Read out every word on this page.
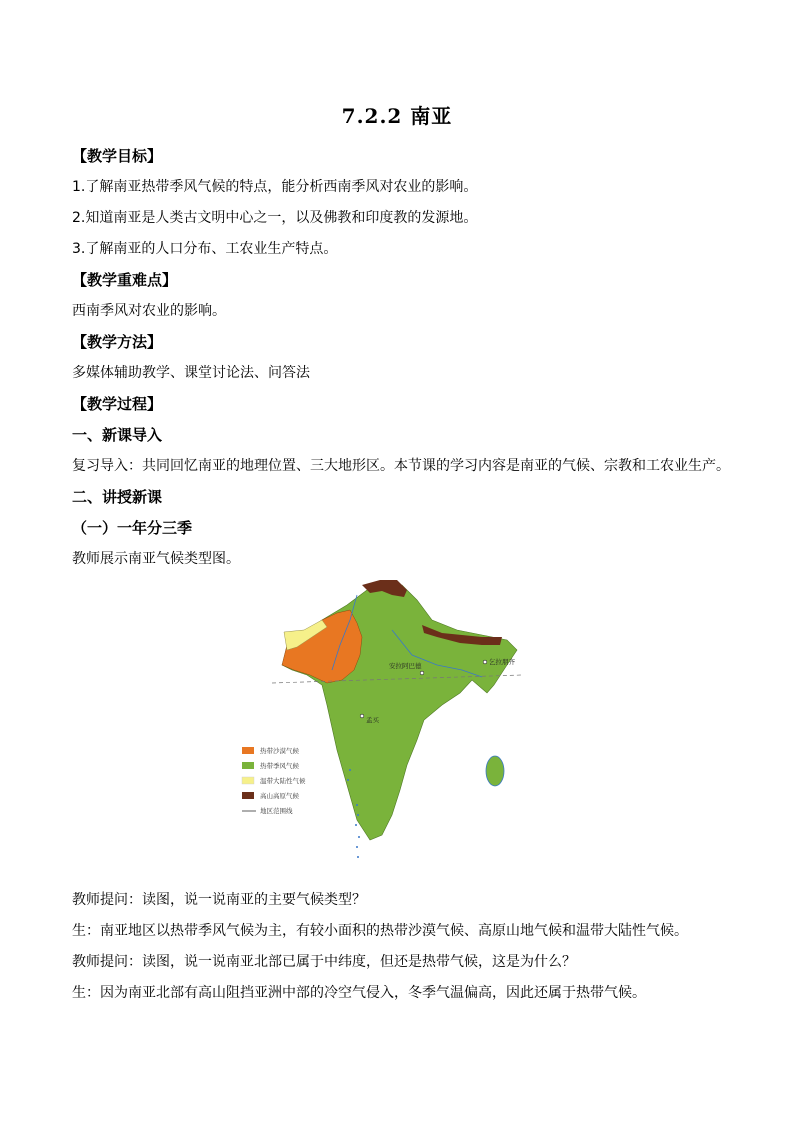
7.2.2 南亚
【教学目标】
1.了解南亚热带季风气候的特点，能分析西南季风对农业的影响。
2.知道南亚是人类古文明中心之一，以及佛教和印度教的发源地。
3.了解南亚的人口分布、工农业生产特点。
【教学重难点】
西南季风对农业的影响。
【教学方法】
多媒体辅助教学、课堂讨论法、问答法
【教学过程】
一、新课导入
复习导入：共同回忆南亚的地理位置、三大地形区。本节课的学习内容是南亚的气候、宗教和工农业生产。
二、讲授新课
（一）一年分三季
教师展示南亚气候类型图。
安拉阿巴德	乞拉朋齐
孟买
热带沙漠气候
热带季风气候
温带大陆性气候
高山高原气候
地区范围线
教师提问：读图，说一说南亚的主要气候类型？
生：南亚地区以热带季风气候为主，有较小面积的热带沙漠气候、高原山地气候和温带大陆性气候。
教师提问：读图，说一说南亚北部已属于中纬度，但还是热带气候，这是为什么？
生：因为南亚北部有高山阻挡亚洲中部的冷空气侵入，冬季气温偏高，因此还属于热带气候。
